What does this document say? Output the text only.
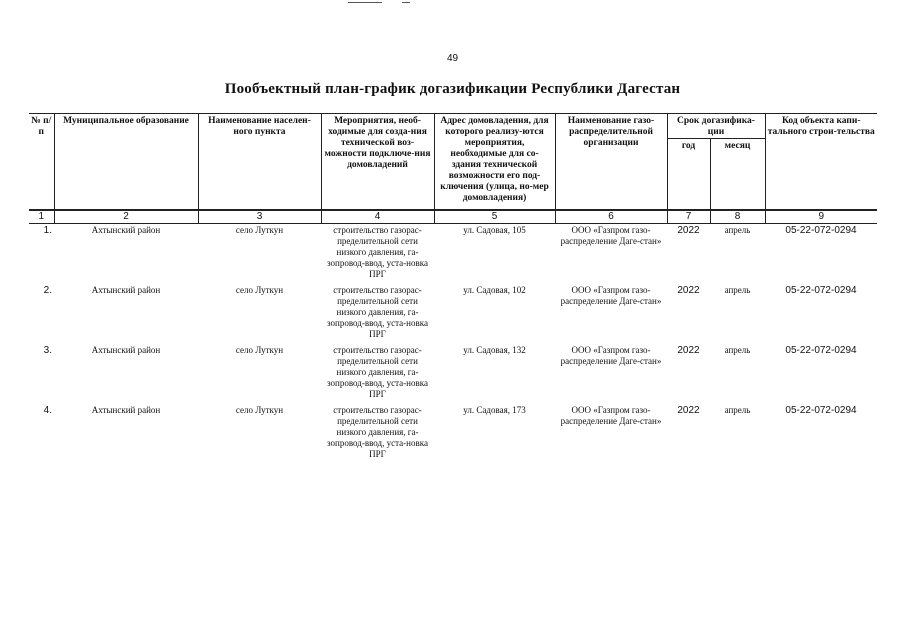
49
Пообъектный план-график догазификации Республики Дагестан
№ п/п	Муниципальное образование	Наименование населен-ного пункта	Мероприятия, необ-ходимые для созда-ния технической воз-можности подключе-ния домовладений	Адрес домовладения, для которого реализу-ются мероприятия, необходимые для со-здания технической возможности его под-ключения (улица, но-мер домовладения)	Наименование газо-распределительной организации	Срок догазифика-ции		Код объекта капи-тального строи-тельства
						год	месяц	
1	2	3	4	5	6	7	8	9
1.	Ахтынский район	село Луткун	строительство газорас-пределительной сети низкого давления, га-зопровод-ввод, уста-новка ПРГ	ул. Садовая, 105	ООО «Газпром газо-распределение Даге-стан»	2022	апрель	05-22-072-0294
2.	Ахтынский район	село Луткун	строительство газорас-пределительной сети низкого давления, га-зопровод-ввод, уста-новка ПРГ	ул. Садовая, 102	ООО «Газпром газо-распределение Даге-стан»	2022	апрель	05-22-072-0294
3.	Ахтынский район	село Луткун	строительство газорас-пределительной сети низкого давления, га-зопровод-ввод, уста-новка ПРГ	ул. Садовая, 132	ООО «Газпром газо-распределение Даге-стан»	2022	апрель	05-22-072-0294
4.	Ахтынский район	село Луткун	строительство газорас-пределительной сети низкого давления, га-зопровод-ввод, уста-новка ПРГ	ул. Садовая, 173	ООО «Газпром газо-распределение Даге-стан»	2022	апрель	05-22-072-0294
